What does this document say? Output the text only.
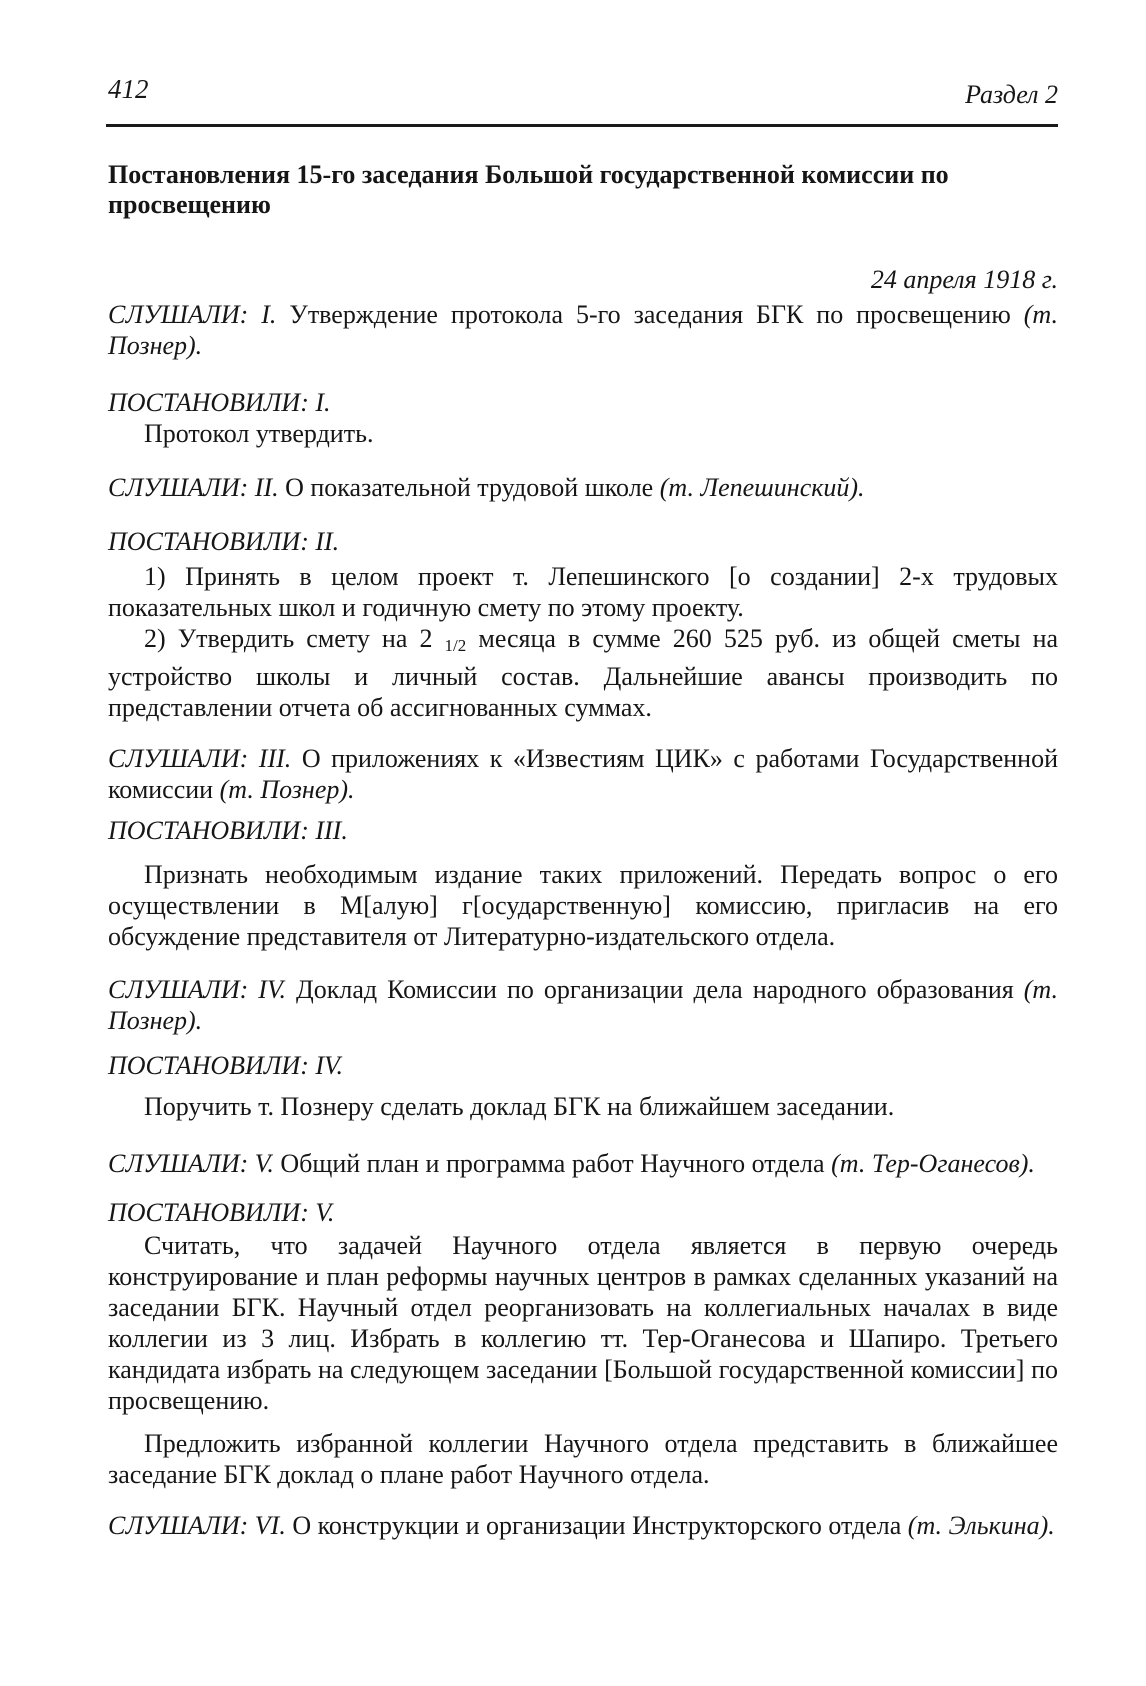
412	Раздел 2

Постановления 15-го заседания Большой государственной комиссии по просвещению

24 апреля 1918 г.

СЛУШАЛИ: I. Утверждение протокола 5-го заседания БГК по просвещению (т. Познер).

ПОСТАНОВИЛИ: I.

Протокол утвердить.

СЛУШАЛИ: II. О показательной трудовой школе (т. Лепешинский).

ПОСТАНОВИЛИ: II.

1) Принять в целом проект т. Лепешинского [о создании] 2-х трудовых показательных школ и годичную смету по этому проекту.

2) Утвердить смету на 2 $_{1/2}$ месяца в сумме 260 525 руб. из общей сметы на устройство школы и личный состав. Дальнейшие авансы производить по представлении отчета об ассигнованных суммах.

СЛУШАЛИ: III. О приложениях к «Известиям ЦИК» с работами Государственной комиссии (т. Познер).

ПОСТАНОВИЛИ: III.

Признать необходимым издание таких приложений. Передать вопрос о его осуществлении в М[алую] г[осударственную] комиссию, пригласив на его обсуждение представителя от Литературно-издательского отдела.

СЛУШАЛИ: IV. Доклад Комиссии по организации дела народного образования (т. Познер).

ПОСТАНОВИЛИ: IV.

Поручить т. Познеру сделать доклад БГК на ближайшем заседании.

СЛУШАЛИ: V. Общий план и программа работ Научного отдела (т. Тер-Оганесов).

ПОСТАНОВИЛИ: V.

Считать, что задачей Научного отдела является в первую очередь конструирование и план реформы научных центров в рамках сделанных указаний на заседании БГК. Научный отдел реорганизовать на коллегиальных началах в виде коллегии из 3 лиц. Избрать в коллегию тт. Тер-Оганесова и Шапиро. Третьего кандидата избрать на следующем заседании [Большой государственной комиссии] по просвещению.

Предложить избранной коллегии Научного отдела представить в ближайшее заседание БГК доклад о плане работ Научного отдела.

СЛУШАЛИ: VI. О конструкции и организации Инструкторского отдела (т. Элькина).
